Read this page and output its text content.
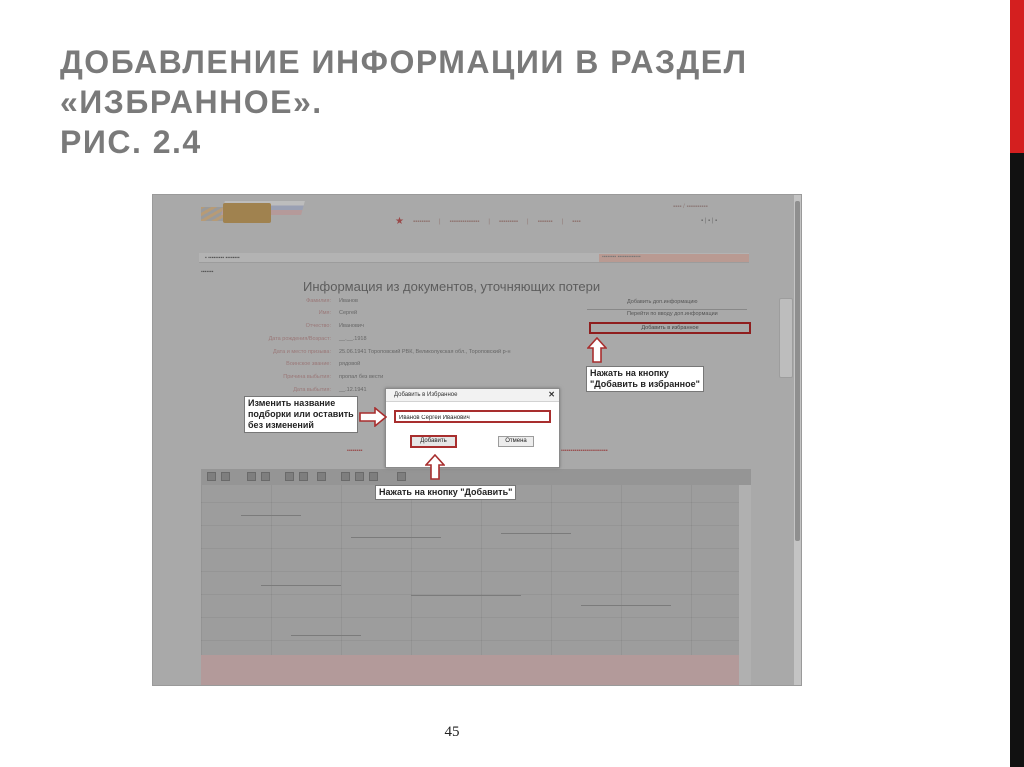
ДОБАВЛЕНИЕ ИНФОРМАЦИИ В РАЗДЕЛ
«ИЗБРАННОЕ».
РИС. 2.4
▪▪▪▪ / ▪▪▪▪▪▪▪▪▪▪
★ ▪▪▪▪▪▪▪▪ | ▪▪▪▪▪▪▪▪▪▪▪▪▪▪ | ▪▪▪▪▪▪▪▪▪ | ▪▪▪▪▪▪▪ | ▪▪▪▪	▪ | ▪ | ▪
▪ ▪▪▪▪▪▪▪▪▪ ▪▪▪▪▪▪▪▪	▪▪▪▪▪▪▪▪ ▪▪▪▪▪▪▪▪▪▪▪▪▪
▪▪▪▪▪▪▪
Информация из документов, уточняющих потери
Фамилия: Иванов
Имя: Сергей
Отчество: Иванович
Дата рождения/Возраст: __.__.1918
Дата и место призыва: 25.06.1941 Тороповский РВК, Великолукская обл., Тороповский р-н
Воинское звание: рядовой
Причина выбытия: пропал без вести
Дата выбытия: __.12.1941
Добавить доп.информацию
Перейти по вводу доп.информации
Добавить в избранное
▪▪▪▪▪▪▪▪	▪▪▪▪▪▪▪▪▪▪▪▪▪▪▪▪▪▪▪▪▪▪▪▪
Добавить в Избранное	✕
Иванов Сергей Иванович
Добавить	Отмена
Изменить название
подборки или оставить
без изменений
Нажать на кнопку
"Добавить в избранное"
Нажать на кнопку "Добавить"
45
